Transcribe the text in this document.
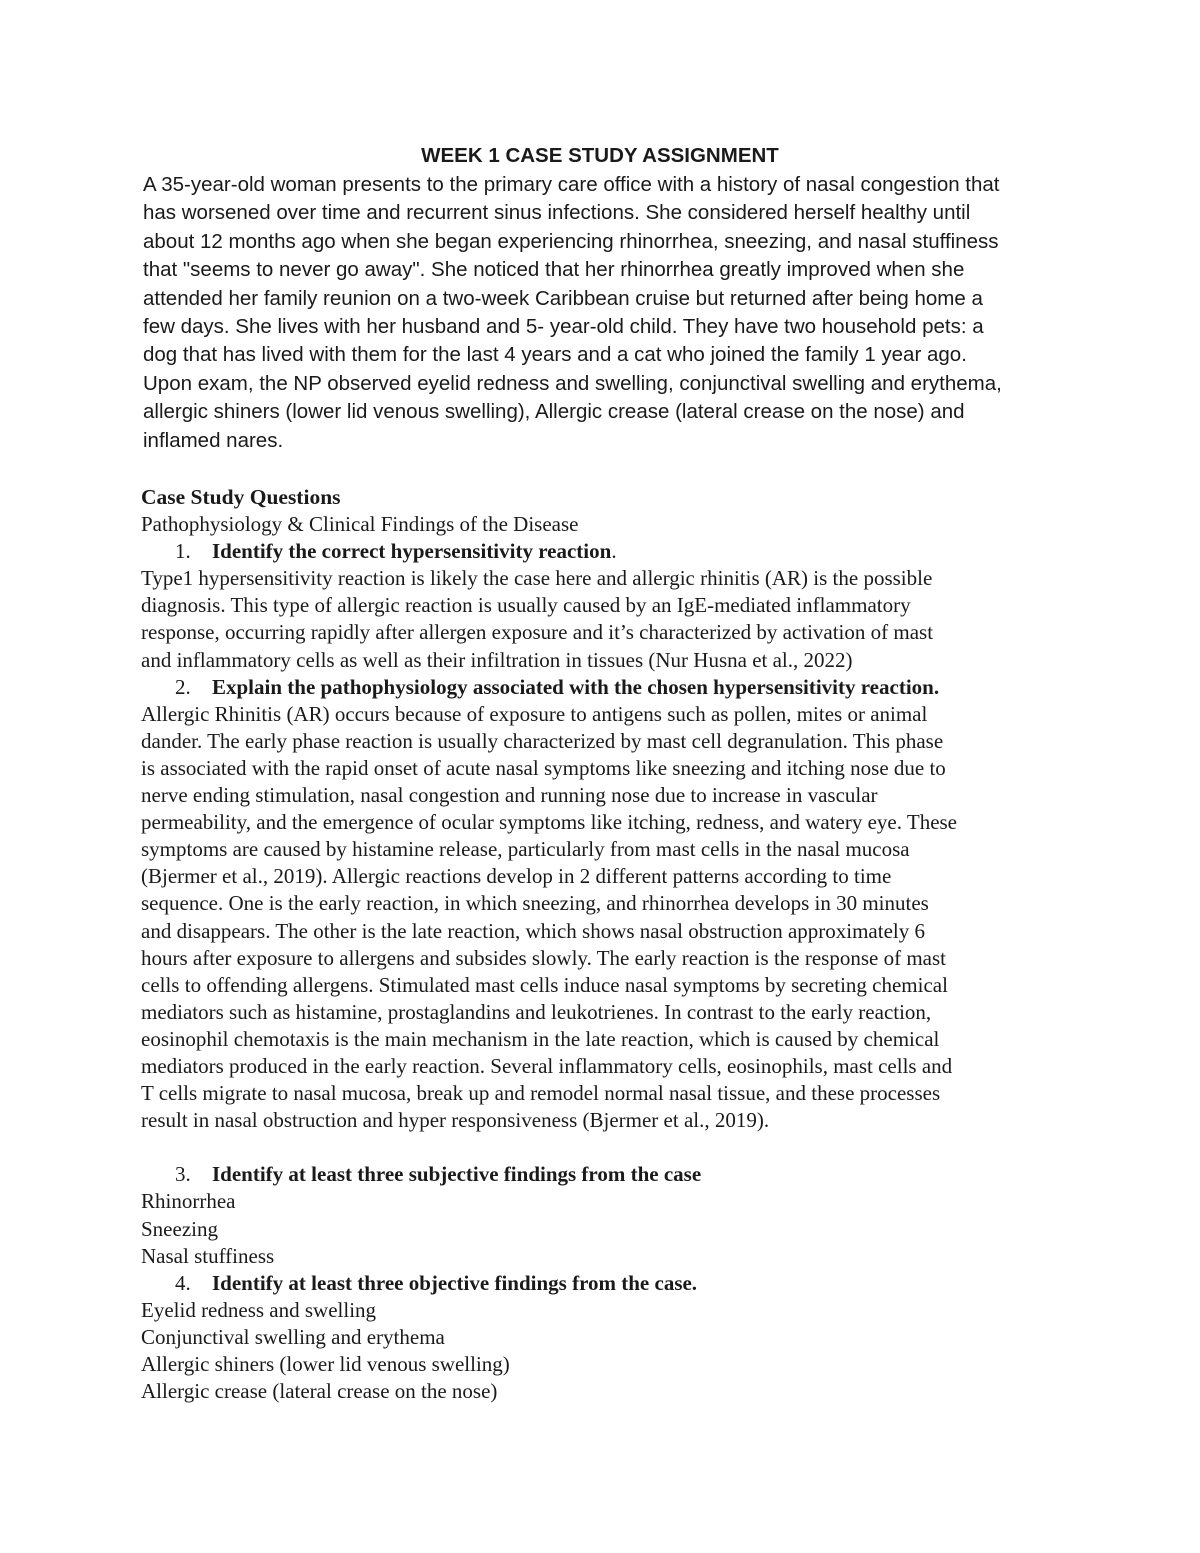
WEEK 1 CASE STUDY ASSIGNMENT

A 35-year-old woman presents to the primary care office with a history of nasal congestion that

has worsened over time and recurrent sinus infections. She considered herself healthy until

about 12 months ago when she began experiencing rhinorrhea, sneezing, and nasal stuffiness

that "seems to never go away". She noticed that her rhinorrhea greatly improved when she

attended her family reunion on a two-week Caribbean cruise but returned after being home a

few days. She lives with her husband and 5- year-old child. They have two household pets: a

dog that has lived with them for the last 4 years and a cat who joined the family 1 year ago.

Upon exam, the NP observed eyelid redness and swelling, conjunctival swelling and erythema,

allergic shiners (lower lid venous swelling), Allergic crease (lateral crease on the nose) and

inflamed nares.

Case Study Questions
Pathophysiology & Clinical Findings of the Disease
1. Identify the correct hypersensitivity reaction.
Type1 hypersensitivity reaction is likely the case here and allergic rhinitis (AR) is the possible
diagnosis. This type of allergic reaction is usually caused by an IgE-mediated inflammatory
response, occurring rapidly after allergen exposure and it’s characterized by activation of mast
and inflammatory cells as well as their infiltration in tissues (Nur Husna et al., 2022)
2. Explain the pathophysiology associated with the chosen hypersensitivity reaction.
Allergic Rhinitis (AR) occurs because of exposure to antigens such as pollen, mites or animal
dander. The early phase reaction is usually characterized by mast cell degranulation. This phase
is associated with the rapid onset of acute nasal symptoms like sneezing and itching nose due to
nerve ending stimulation, nasal congestion and running nose due to increase in vascular
permeability, and the emergence of ocular symptoms like itching, redness, and watery eye. These
symptoms are caused by histamine release, particularly from mast cells in the nasal mucosa
(Bjermer et al., 2019). Allergic reactions develop in 2 different patterns according to time
sequence. One is the early reaction, in which sneezing, and rhinorrhea develops in 30 minutes
and disappears. The other is the late reaction, which shows nasal obstruction approximately 6
hours after exposure to allergens and subsides slowly. The early reaction is the response of mast
cells to offending allergens. Stimulated mast cells induce nasal symptoms by secreting chemical
mediators such as histamine, prostaglandins and leukotrienes. In contrast to the early reaction,
eosinophil chemotaxis is the main mechanism in the late reaction, which is caused by chemical
mediators produced in the early reaction. Several inflammatory cells, eosinophils, mast cells and
T cells migrate to nasal mucosa, break up and remodel normal nasal tissue, and these processes
result in nasal obstruction and hyper responsiveness (Bjermer et al., 2019).
3. Identify at least three subjective findings from the case
Rhinorrhea
Sneezing
Nasal stuffiness
4. Identify at least three objective findings from the case.
Eyelid redness and swelling
Conjunctival swelling and erythema
Allergic shiners (lower lid venous swelling)
Allergic crease (lateral crease on the nose)
